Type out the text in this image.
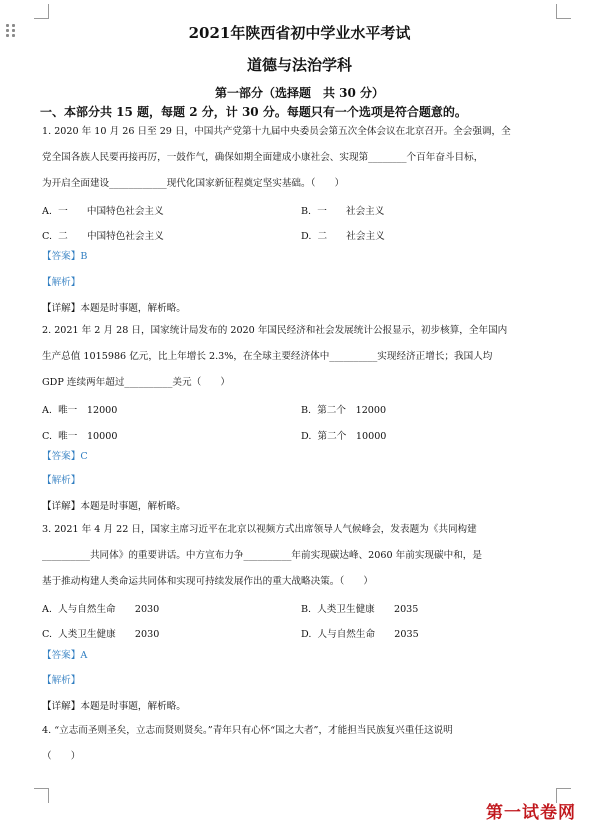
2021年陕西省初中学业水平考试
道德与法治学科
第一部分（选择题　共 30 分）
一、本部分共 15 题，每题 2 分，计 30 分。每题只有一个选项是符合题意的。
1. 2020 年 10 月 26 日至 29 日，中国共产党第十九届中央委员会第五次全体会议在北京召开。全会强调，全
党全国各族人民要再接再厉，一鼓作气，确保如期全面建成小康社会、实现第________个百年奋斗目标，
为开启全面建设____________现代化国家新征程奠定坚实基础。（　　）
A. 一　　中国特色社会主义	B. 一　　社会主义
C. 二　　中国特色社会主义	D. 二　　社会主义
【答案】B
【解析】
【详解】本题是时事题，解析略。
2. 2021 年 2 月 28 日，国家统计局发布的 2020 年国民经济和社会发展统计公报显示，初步核算，全年国内
生产总值 1015986 亿元，比上年增长 2.3%，在全球主要经济体中__________实现经济正增长；我国人均
GDP 连续两年超过__________美元（　　）
A. 唯一　12000	B. 第二个　12000
C. 唯一　10000	D. 第二个　10000
【答案】C
【解析】
【详解】本题是时事题，解析略。
3. 2021 年 4 月 22 日，国家主席习近平在北京以视频方式出席领导人气候峰会，发表题为《共同构建
__________共同体》的重要讲话。中方宣布力争__________年前实现碳达峰、2060 年前实现碳中和，是
基于推动构建人类命运共同体和实现可持续发展作出的重大战略决策。（　　）
A. 人与自然生命　　2030	B. 人类卫生健康　　2035
C. 人类卫生健康　　2030	D. 人与自然生命　　2035
【答案】A
【解析】
【详解】本题是时事题，解析略。
4. “立志而圣则圣矣，立志而贤则贤矣。”青年只有心怀“国之大者”，才能担当民族复兴重任这说明
（　　）
第一试卷网
